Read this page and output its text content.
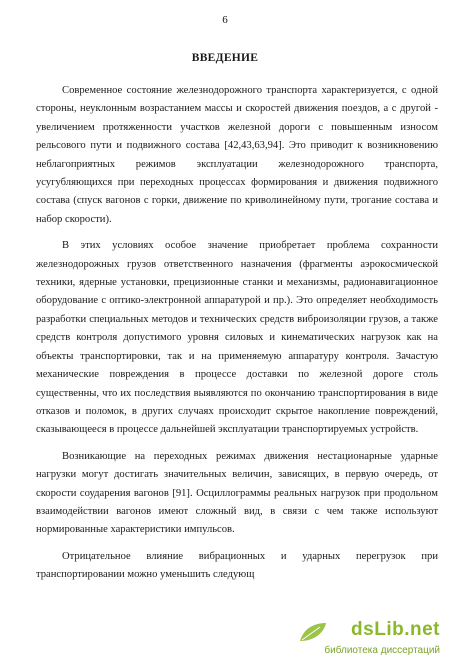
6
ВВЕДЕНИЕ

Современное состояние железнодорожного транспорта характеризуется, с одной стороны, неуклонным возрастанием массы и скоростей движения поездов, а с другой - увеличением протяженности участков железной дороги с повышенным износом рельсового пути и подвижного состава [42,43,63,94]. Это приводит к возникновению неблагоприятных режимов эксплуатации железнодорожного транспорта, усугубляющихся при переходных процессах формирования и движения подвижного состава (спуск вагонов с горки, движение по криволинейному пути, трогание состава и набор скорости).

В этих условиях особое значение приобретает проблема сохранности железнодорожных грузов ответственного назначения (фрагменты аэрокосмической техники, ядерные установки, прецизионные станки и механизмы, радионавигационное оборудование с оптико-электронной аппаратурой и пр.). Это определяет необходимость разработки специальных методов и технических средств виброизоляции грузов, а также средств контроля допустимого уровня силовых и кинематических нагрузок как на объекты транспортировки, так и на применяемую аппаратуру контроля. Зачастую механические повреждения в процессе доставки по железной дороге столь существенны, что их последствия выявляются по окончанию транспортирования в виде отказов и поломок, в других случаях происходит скрытое накопление повреждений, сказывающееся в процессе дальнейшей эксплуатации транспортируемых устройств.

Возникающие на переходных режимах движения нестационарные ударные нагрузки могут достигать значительных величин, зависящих, в первую очередь, от скорости соударения вагонов [91]. Осциллограммы реальных нагрузок при продольном взаимодействии вагонов имеют сложный вид, в связи с чем также используют нормированные характеристики импульсов.

Отрицательное влияние вибрационных и ударных перегрузок при транспортировании можно уменьшить следующ

dsLib.net
библиотека диссертаций
